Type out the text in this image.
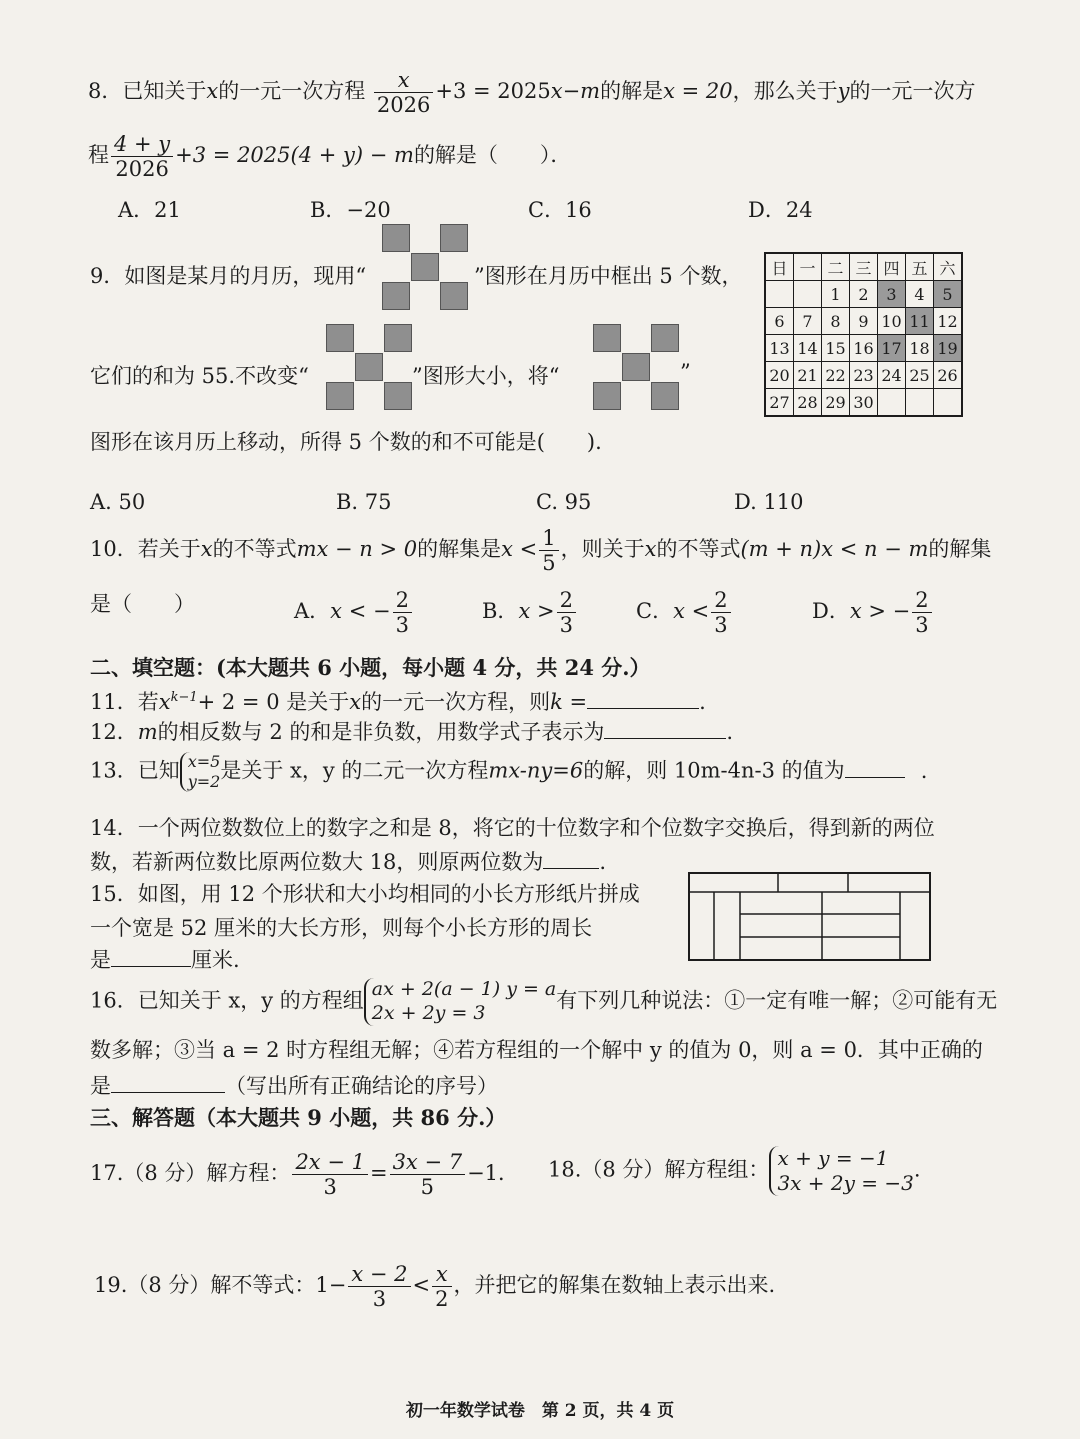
8．已知关于x的一元一次方程 $\frac{x}{2026} +3 = 2025x-m$的解是x = 20，那么关于y的一元一次方
程 $\frac{4 + y}{2026} +3 = 2025(4 + y) - m$的解是（　　）．
A．21	B．−20	C．16	D．24
9．如图是某月的月历，现用“	”图形在月历中框出 5 个数，
它们的和为 55.不改变“	”图形大小，将“	”
图形在该月历上移动，所得 5 个数的和不可能是(　　).
日	一	二	三	四	五	六
		1	2	3	4	5
6	7	8	9	10	11	12
13	14	15	16	17	18	19
20	21	22	23	24	25	26
27	28	29	30			
A. 50	B. 75	C. 95	D. 110
10．若关于x的不等式mx − n > 0的解集是$x < \frac{1}{5}$ ，则关于x的不等式(m + n)x < n − m的解集
是（　　）	A．x < − $\frac{2}{3}$	B．$x > \frac{2}{3}$	C．$x < \frac{2}{3}$	D．x > − $\frac{2}{3}$
二、填空题：(本大题共 6 小题，每小题 4 分，共 24 分.）
11．若$x^{k-1}+ 2 = 0$ 是关于x的一元一次方程，则k =	.
12．m的相反数与 2 的和是非负数，用数学式子表示为	.
13．已知 x=5
y=2是关于 x，y 的二元一次方程mx-ny=6的解，则 10m-4n-3 的值为	.
14．一个两位数数位上的数字之和是 8，将它的十位数字和个位数字交换后，得到新的两位
数，若新两位数比原两位数大 18，则原两位数为	.
15．如图，用 12 个形状和大小均相同的小长方形纸片拼成
一个宽是 52 厘米的大长方形，则每个小长方形的周长
是	厘米.
16．已知关于 x，y 的方程组 ax + 2(a − 1) y = a
2x + 2y = 3有下列几种说法：①一定有唯一解；②可能有无
数多解；③当 a = 2 时方程组无解；④若方程组的一个解中 y 的值为 0，则 a = 0．其中正确的
是	（写出所有正确结论的序号）
三、解答题（本大题共 9 小题，共 86 分.）
17.（8 分）解方程： $\frac{2x - 1}{3} = \frac{3x - 7}{5} -1$． 18.（8 分）解方程组： x + y = −1
3x + 2y = −3.
19.（8 分）解不等式：$1- \frac{x - 2}{3} < \frac{x}{2}$ ，并把它的解集在数轴上表示出来.
初一年数学试卷　第 2 页，共 4 页
